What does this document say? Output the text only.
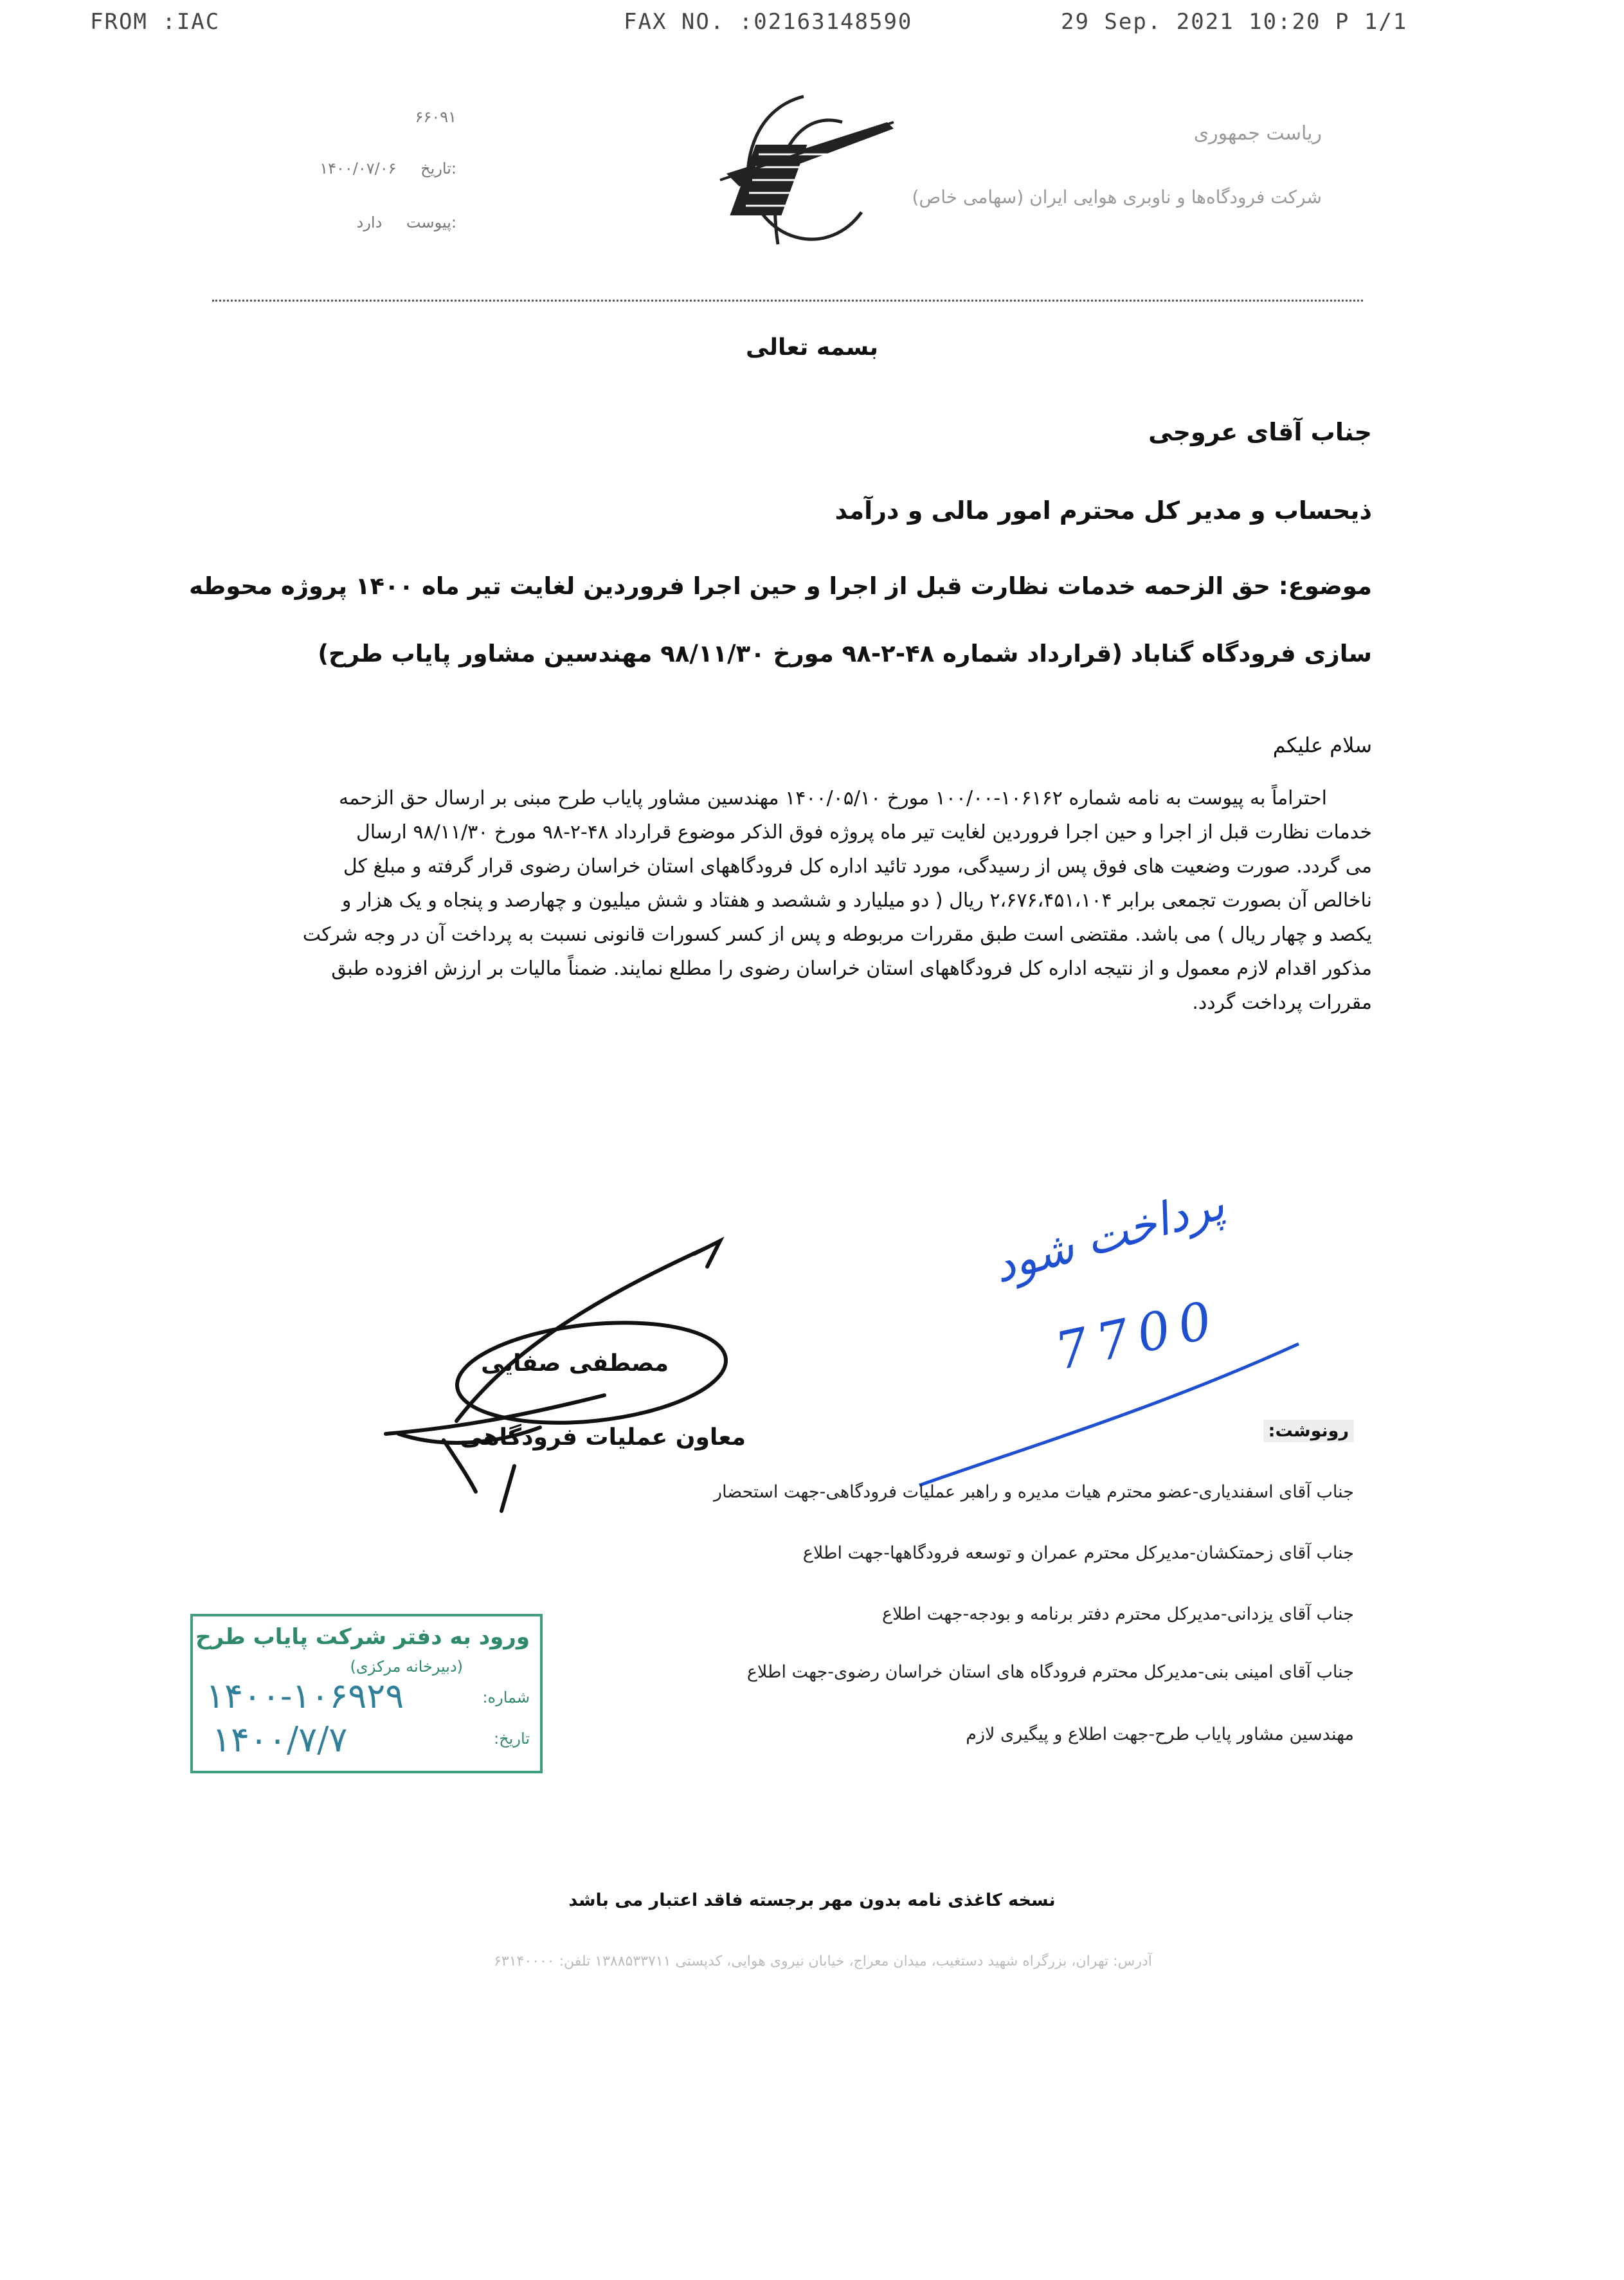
FROM :IAC	FAX NO. :02163148590	29 Sep. 2021 10:20 P 1/1
۶۶۰۹۱
۱۴۰۰/۰۷/۰۶ تاریخ:
دارد پیوست:
ریاست جمهوری
شرکت فرودگاه‌ها و ناوبری هوایی ایران (سهامی خاص)
بسمه تعالی
جناب آقای عروجی
ذیحساب و مدیر کل محترم امور مالی و درآمد
موضوع: حق الزحمه خدمات نظارت قبل از اجرا و حین اجرا فروردین لغایت تیر ماه ۱۴۰۰ پروژه محوطه
سازی فرودگاه گناباد (قرارداد شماره ۴۸-۲-۹۸ مورخ ۹۸/۱۱/۳۰ مهندسین مشاور پایاب طرح)
سلام علیکم
احتراماً به پیوست به نامه شماره ۱۰۶۱۶۲-۱۰۰/۰۰ مورخ ۱۴۰۰/۰۵/۱۰ مهندسین مشاور پایاب طرح مبنی بر ارسال حق الزحمه
خدمات نظارت قبل از اجرا و حین اجرا فروردین لغایت تیر ماه پروژه فوق الذکر موضوع قرارداد ۴۸-۲-۹۸ مورخ ۹۸/۱۱/۳۰ ارسال
می گردد. صورت وضعیت های فوق پس از رسیدگی، مورد تائید اداره کل فرودگاههای استان خراسان رضوی قرار گرفته و مبلغ کل
ناخالص آن بصورت تجمعی برابر ۲،۶۷۶،۴۵۱،۱۰۴ ریال ( دو میلیارد و ششصد و هفتاد و شش میلیون و چهارصد و پنجاه و یک هزار و
یکصد و چهار ریال ) می باشد. مقتضی است طبق مقررات مربوطه و پس از کسر کسورات قانونی نسبت به پرداخت آن در وجه شرکت
مذکور اقدام لازم معمول و از نتیجه اداره کل فرودگاههای استان خراسان رضوی را مطلع نمایند. ضمناً مالیات بر ارزش افزوده طبق
مقررات پرداخت گردد.
پرداخت شود
7700
مصطفی صفایی
معاون عملیات فرودگاهی	رونوشت:
جناب آقای اسفندیاری-عضو محترم هیات مدیره و راهبر عملیات فرودگاهی-جهت استحضار
جناب آقای زحمتکشان-مدیرکل محترم عمران و توسعه فرودگاهها-جهت اطلاع
جناب آقای یزدانی-مدیرکل محترم دفتر برنامه و بودجه-جهت اطلاع
جناب آقای امینی بنی-مدیرکل محترم فرودگاه های استان خراسان رضوی-جهت اطلاع
مهندسین مشاور پایاب طرح-جهت اطلاع و پیگیری لازم
ورود به دفتر شرکت پایاب طرح
(دبیرخانه مرکزی)
شماره:
تاریخ:
۱۴۰۰-۱۰۶۹۲۹
۱۴۰۰/۷/۷
نسخه کاغذی نامه بدون مهر برجسته فاقد اعتبار می باشد
آدرس: تهران، بزرگراه شهید دستغیب، میدان معراج، خیابان نیروی هوایی، کدپستی ۱۳۸۸۵۳۳۷۱۱ تلفن: ۶۳۱۴۰۰۰۰
